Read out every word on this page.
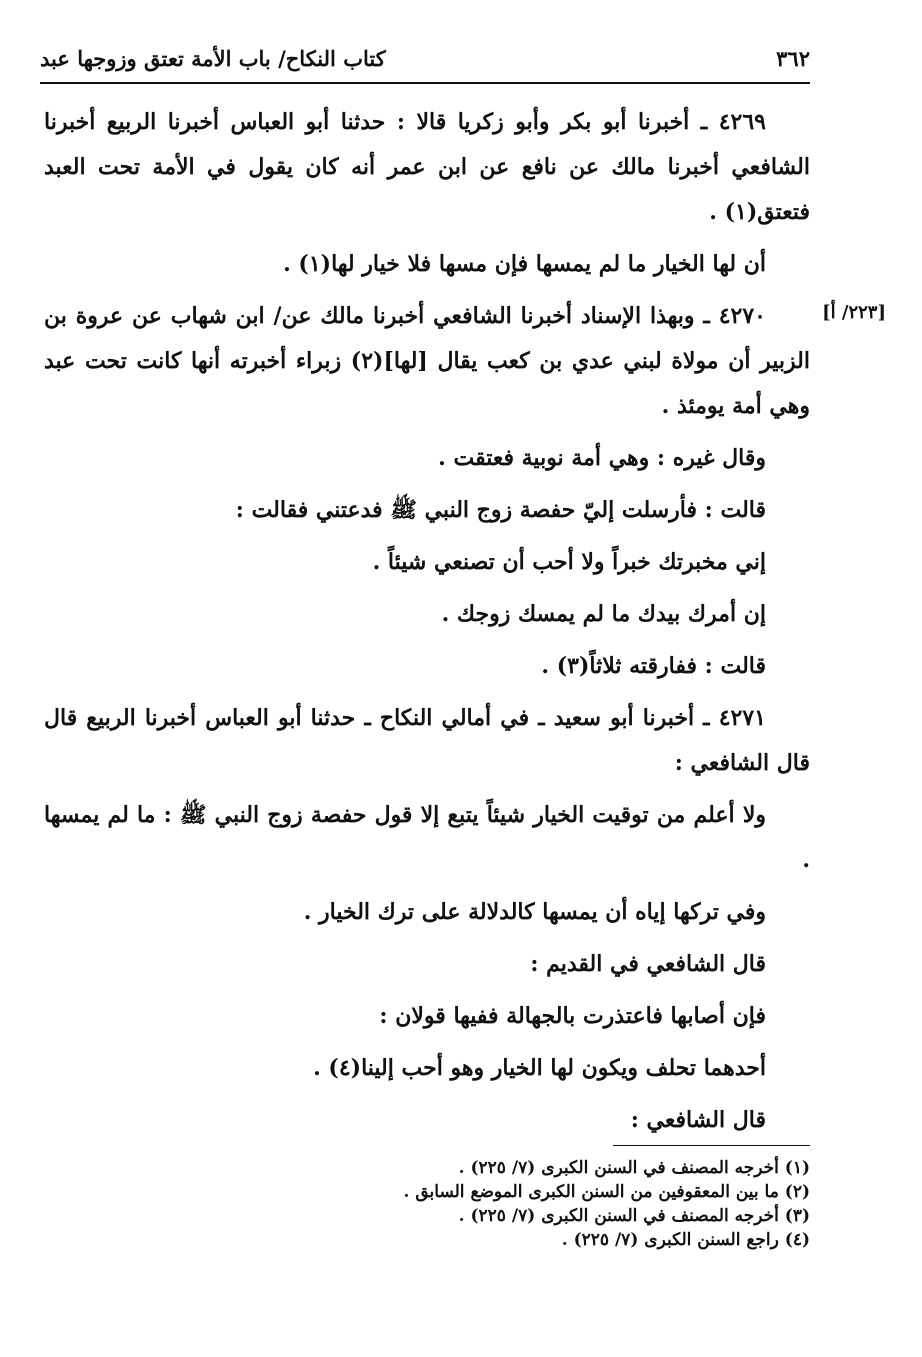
٣٦٢
كتاب النكاح/ باب الأمة تعتق وزوجها عبد
[٢٢٣/ أ]

٤٢٦٩ ـ أخبرنا أبو بكر وأبو زكريا قالا : حدثنا أبو العباس أخبرنا الربيع أخبرنا الشافعي أخبرنا مالك عن نافع عن ابن عمر أنه كان يقول في الأمة تحت العبد فتعتق(١) .

أن لها الخيار ما لم يمسها فإن مسها فلا خيار لها(١) .

٤٢٧٠ ـ وبهذا الإسناد أخبرنا الشافعي أخبرنا مالك عن/ ابن شهاب عن عروة بن الزبير أن مولاة لبني عدي بن كعب يقال [لها](٢) زبراء أخبرته أنها كانت تحت عبد وهي أمة يومئذ .

وقال غيره : وهي أمة نوبية فعتقت .

قالت : فأرسلت إليّ حفصة زوج النبي ﷺ فدعتني فقالت :

إني مخبرتك خبراً ولا أحب أن تصنعي شيئاً .

إن أمرك بيدك ما لم يمسك زوجك .

قالت : ففارقته ثلاثاً(٣) .

٤٢٧١ ـ أخبرنا أبو سعيد ـ في أمالي النكاح ـ حدثنا أبو العباس أخبرنا الربيع قال قال الشافعي :

ولا أعلم من توقيت الخيار شيئاً يتبع إلا قول حفصة زوج النبي ﷺ : ما لم يمسها .

وفي تركها إياه أن يمسها كالدلالة على ترك الخيار .

قال الشافعي في القديم :

فإن أصابها فاعتذرت بالجهالة ففيها قولان :

أحدهما تحلف ويكون لها الخيار وهو أحب إلينا(٤) .

قال الشافعي :

(١) أخرجه المصنف في السنن الكبرى (٧/ ٢٢٥) .
(٢) ما بين المعقوفين من السنن الكبرى الموضع السابق .
(٣) أخرجه المصنف في السنن الكبرى (٧/ ٢٢٥) .
(٤) راجع السنن الكبرى (٧/ ٢٢٥) .
